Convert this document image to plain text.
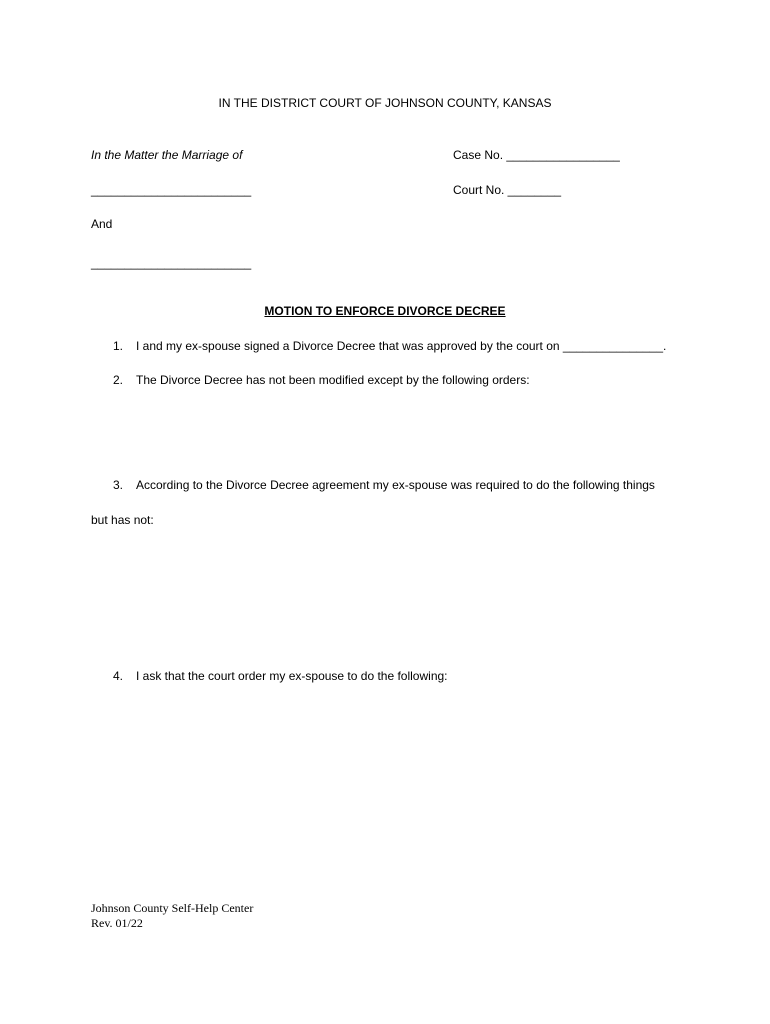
IN THE DISTRICT COURT OF JOHNSON COUNTY, KANSAS
In the Matter the Marriage of	Case No. _________________
________________________	Court No. ________
And
________________________
MOTION TO ENFORCE DIVORCE DECREE
1. I and my ex-spouse signed a Divorce Decree that was approved by the court on _______________.
2. The Divorce Decree has not been modified except by the following orders:
3. According to the Divorce Decree agreement my ex-spouse was required to do the following things
but has not:
4. I ask that the court order my ex-spouse to do the following:
Johnson County Self-Help Center
Rev. 01/22
